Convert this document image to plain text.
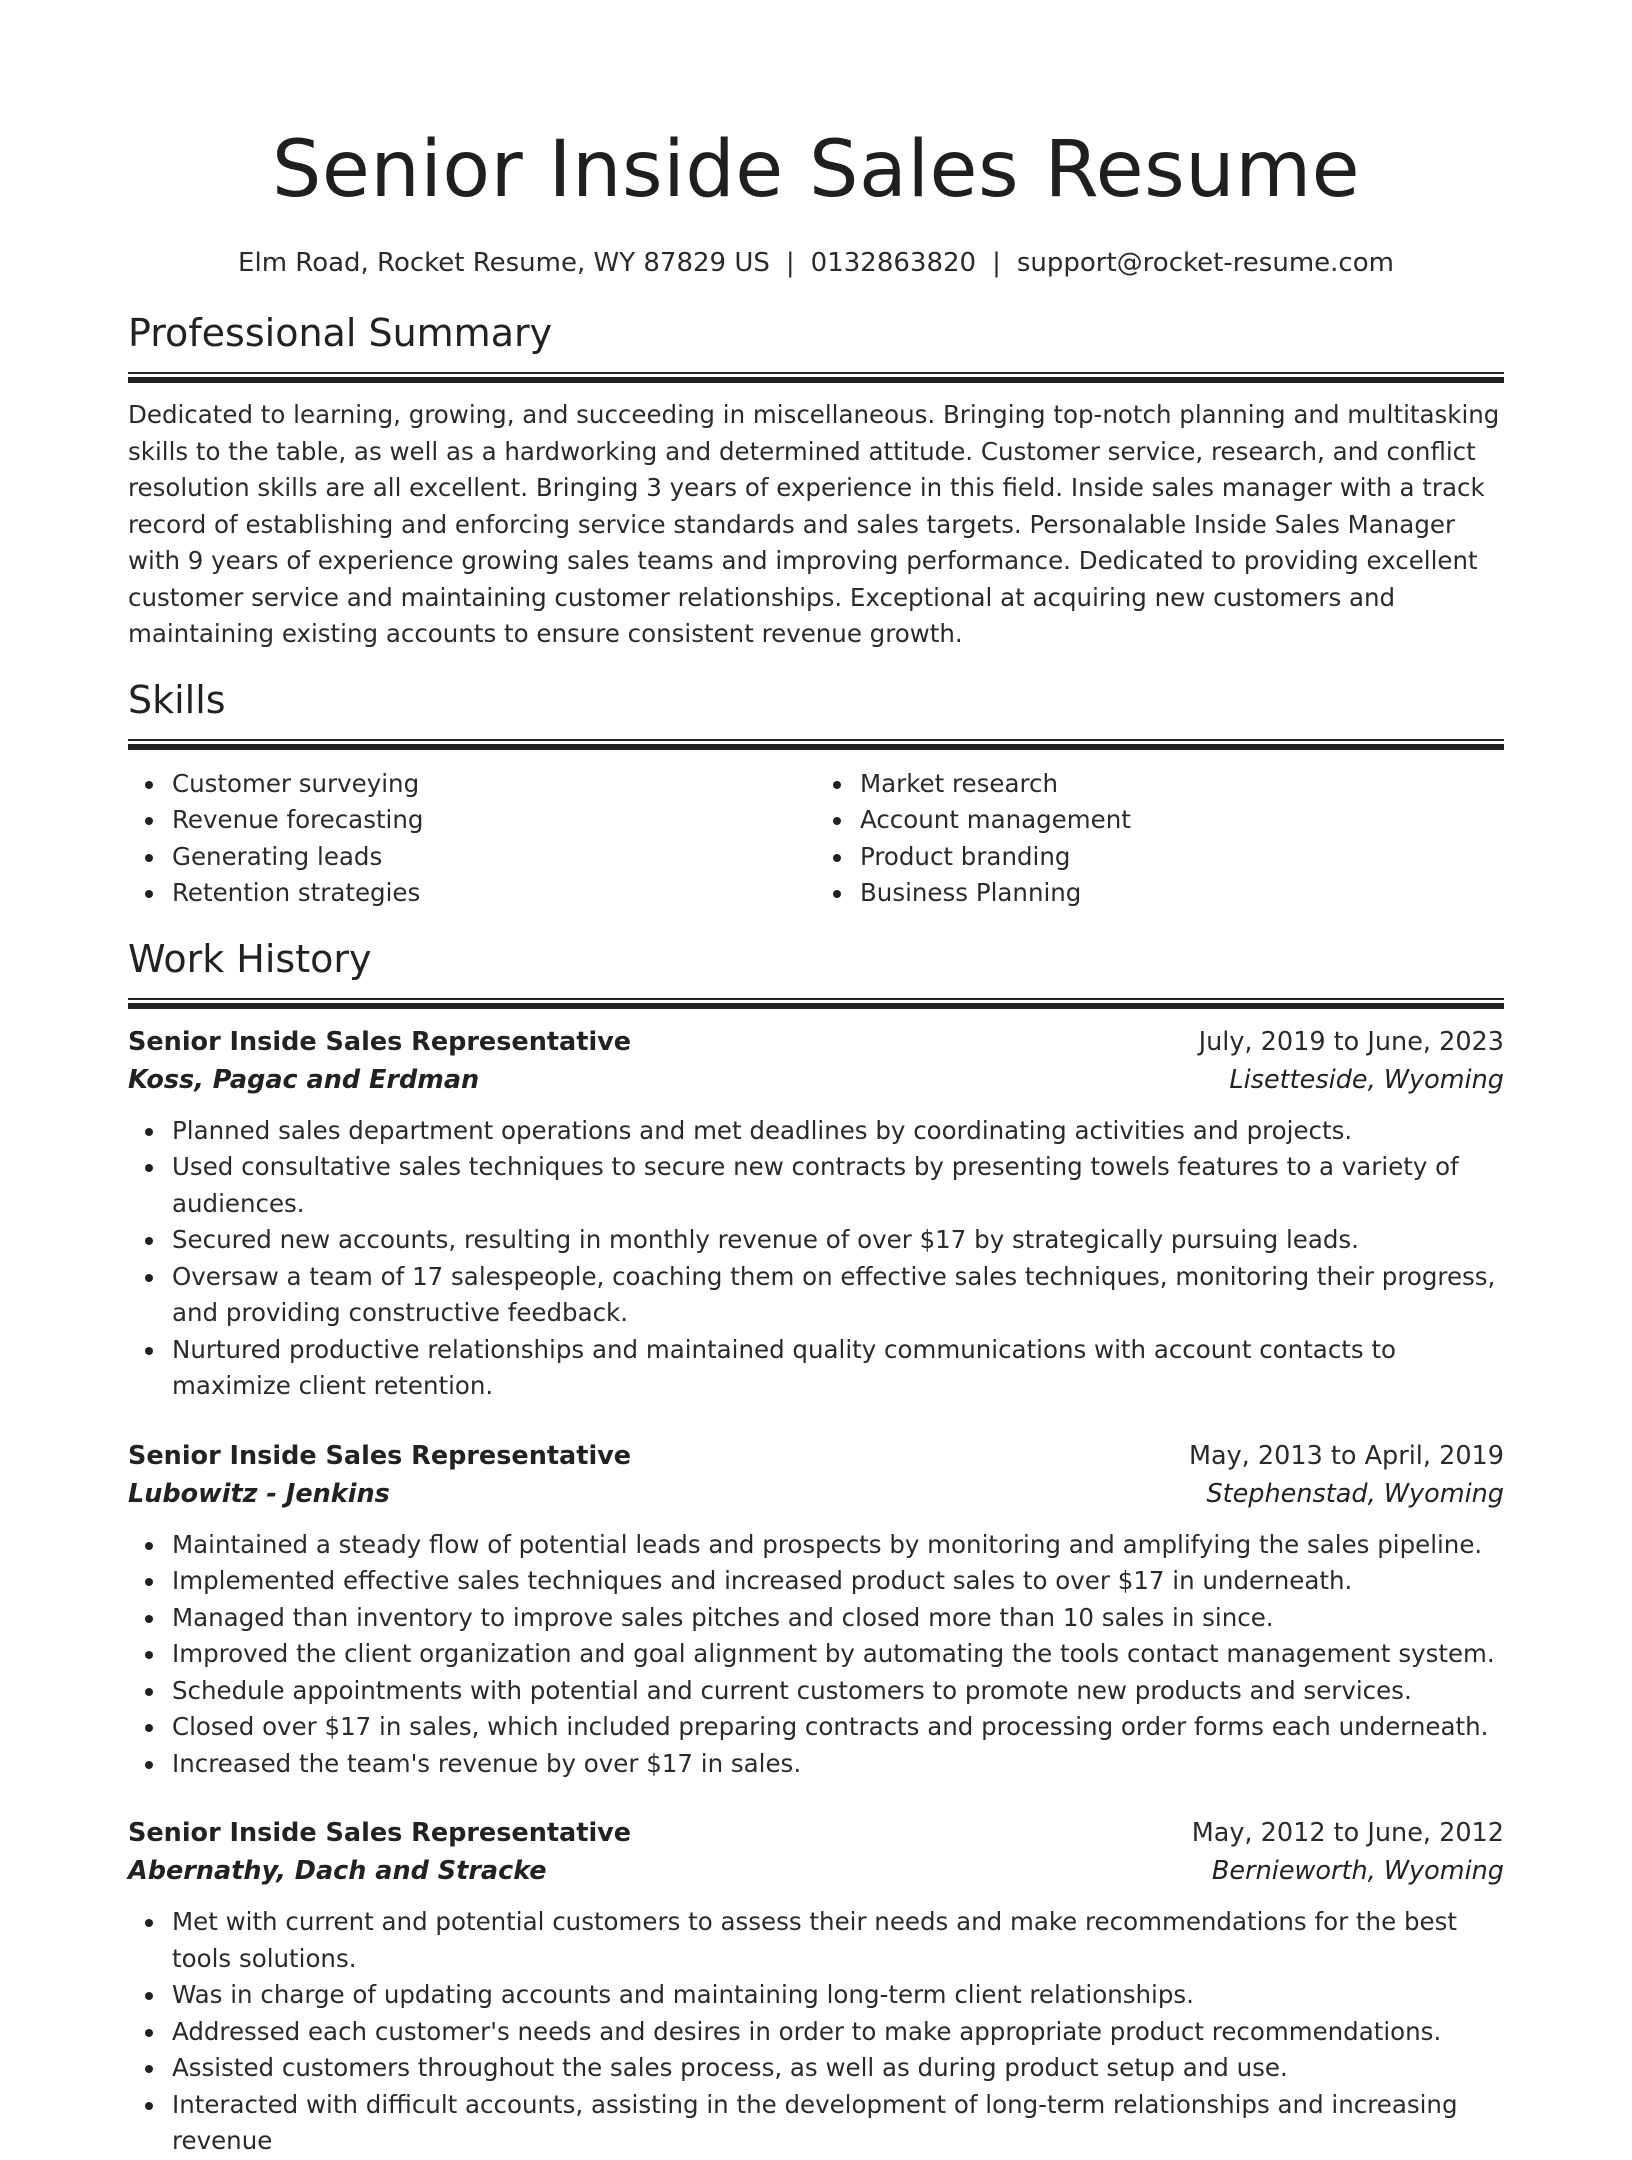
Senior Inside Sales Resume
Elm Road, Rocket Resume, WY 87829 US | 0132863820 | support@rocket-resume.com
Professional Summary
Dedicated to learning, growing, and succeeding in miscellaneous. Bringing top-notch planning and multitasking skills to the table, as well as a hardworking and determined attitude. Customer service, research, and conflict resolution skills are all excellent. Bringing 3 years of experience in this field. Inside sales manager with a track record of establishing and enforcing service standards and sales targets. Personalable Inside Sales Manager with 9 years of experience growing sales teams and improving performance. Dedicated to providing excellent customer service and maintaining customer relationships. Exceptional at acquiring new customers and maintaining existing accounts to ensure consistent revenue growth.
Skills
Customer surveying
Revenue forecasting
Generating leads
Retention strategies
Market research
Account management
Product branding
Business Planning
Work History
Senior Inside Sales Representative	July, 2019 to June, 2023
Koss, Pagac and Erdman	Lisetteside, Wyoming
Planned sales department operations and met deadlines by coordinating activities and projects.
Used consultative sales techniques to secure new contracts by presenting towels features to a variety of audiences.
Secured new accounts, resulting in monthly revenue of over $17 by strategically pursuing leads.
Oversaw a team of 17 salespeople, coaching them on effective sales techniques, monitoring their progress, and providing constructive feedback.
Nurtured productive relationships and maintained quality communications with account contacts to maximize client retention.
Senior Inside Sales Representative	May, 2013 to April, 2019
Lubowitz - Jenkins	Stephenstad, Wyoming
Maintained a steady flow of potential leads and prospects by monitoring and amplifying the sales pipeline.
Implemented effective sales techniques and increased product sales to over $17 in underneath.
Managed than inventory to improve sales pitches and closed more than 10 sales in since.
Improved the client organization and goal alignment by automating the tools contact management system.
Schedule appointments with potential and current customers to promote new products and services.
Closed over $17 in sales, which included preparing contracts and processing order forms each underneath.
Increased the team's revenue by over $17 in sales.
Senior Inside Sales Representative	May, 2012 to June, 2012
Abernathy, Dach and Stracke	Bernieworth, Wyoming
Met with current and potential customers to assess their needs and make recommendations for the best tools solutions.
Was in charge of updating accounts and maintaining long-term client relationships.
Addressed each customer's needs and desires in order to make appropriate product recommendations.
Assisted customers throughout the sales process, as well as during product setup and use.
Interacted with difficult accounts, assisting in the development of long-term relationships and increasing revenue
